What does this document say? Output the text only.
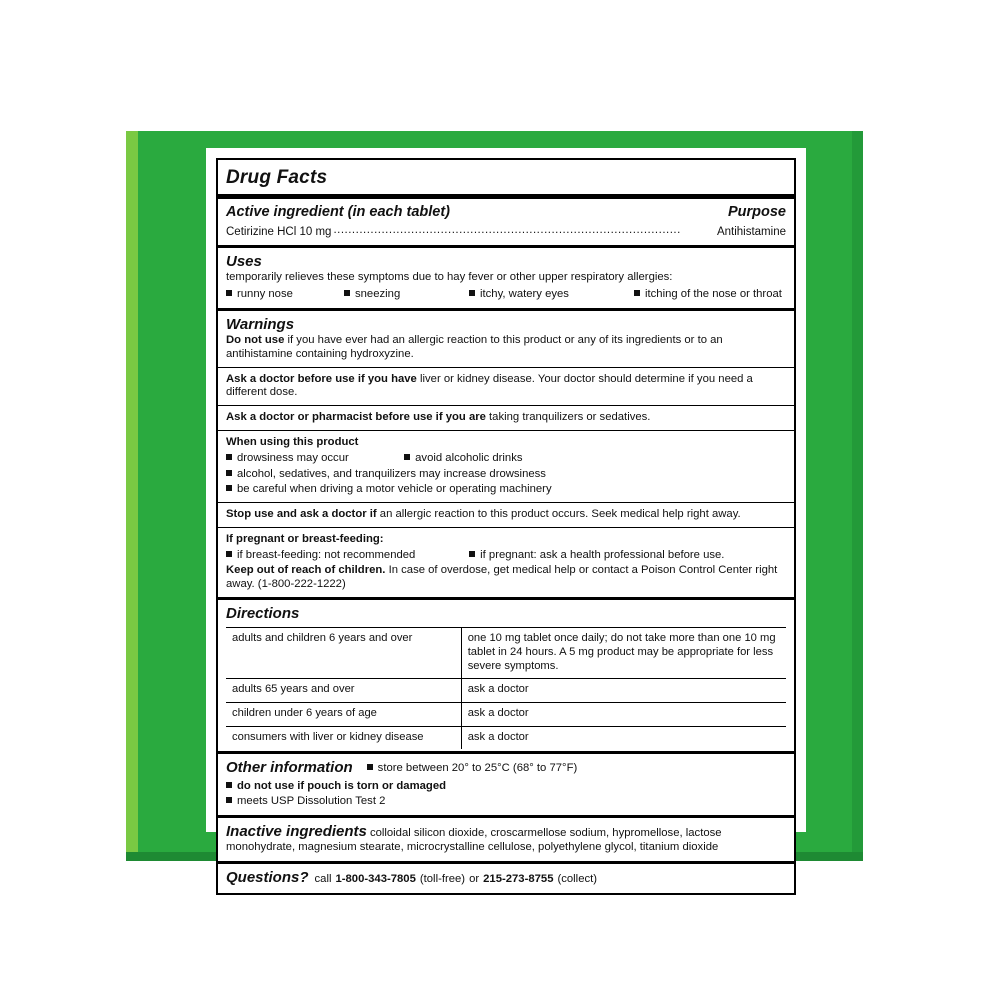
Drug Facts
Active ingredient (in each tablet)	Purpose
Cetirizine HCl 10 mg ..............................................................................................	Antihistamine
Uses
temporarily relieves these symptoms due to hay fever or other upper respiratory allergies:
runny nose	sneezing	itchy, watery eyes	itching of the nose or throat
Warnings
Do not use if you have ever had an allergic reaction to this product or any of its ingredients or to an antihistamine containing hydroxyzine.
Ask a doctor before use if you have liver or kidney disease. Your doctor should determine if you need a different dose.
Ask a doctor or pharmacist before use if you are taking tranquilizers or sedatives.
When using this product
drowsiness may occur	avoid alcoholic drinks
alcohol, sedatives, and tranquilizers may increase drowsiness
be careful when driving a motor vehicle or operating machinery
Stop use and ask a doctor if an allergic reaction to this product occurs. Seek medical help right away.
If pregnant or breast-feeding:
if breast-feeding: not recommended	if pregnant: ask a health professional before use.
Keep out of reach of children. In case of overdose, get medical help or contact a Poison Control Center right away. (1-800-222-1222)
Directions
adults and children 6 years and over	one 10 mg tablet once daily; do not take more than one 10 mg tablet in 24 hours. A 5 mg product may be appropriate for less severe symptoms.
adults 65 years and over	ask a doctor
children under 6 years of age	ask a doctor
consumers with liver or kidney disease	ask a doctor
Other information	store between 20° to 25°C (68° to 77°F)
do not use if pouch is torn or damaged
meets USP Dissolution Test 2
Inactive ingredients colloidal silicon dioxide, croscarmellose sodium, hypromellose, lactose monohydrate, magnesium stearate, microcrystalline cellulose, polyethylene glycol, titanium dioxide
Questions? call 1-800-343-7805 (toll-free) or 215-273-8755 (collect)
